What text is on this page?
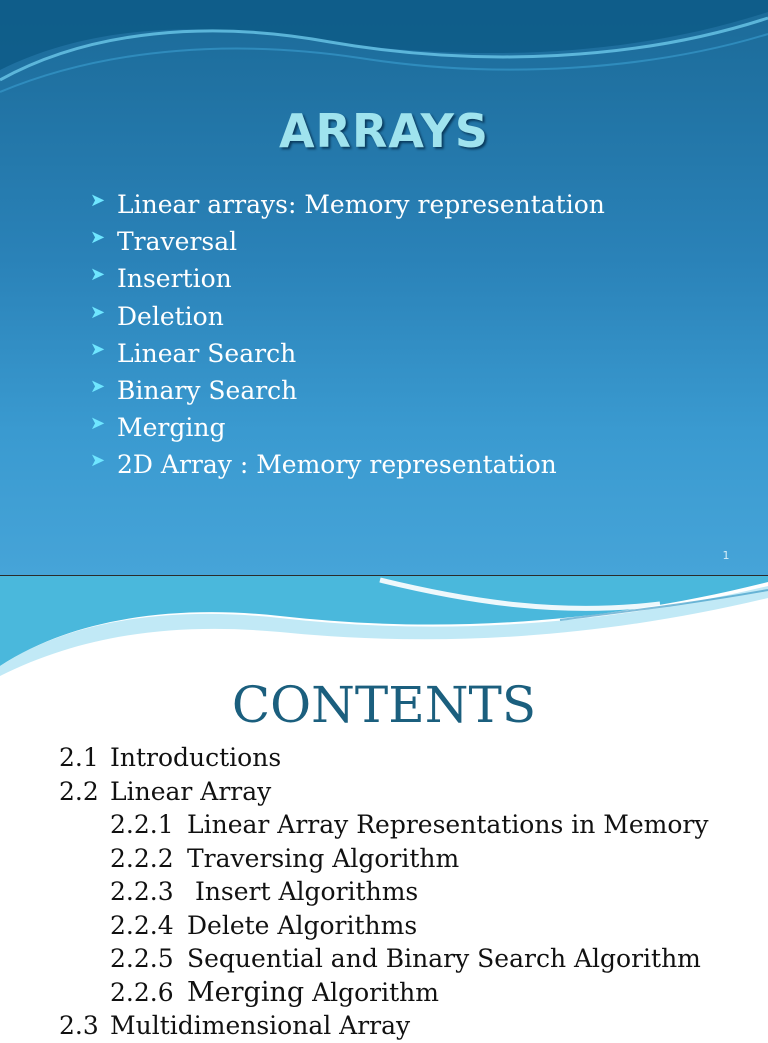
ARRAYS
➤ Linear arrays: Memory representation
➤ Traversal
➤ Insertion
➤ Deletion
➤ Linear Search
➤ Binary Search
➤ Merging
➤ 2D Array : Memory representation
1
CONTENTS
2.1 Introductions
2.2 Linear Array
2.2.1 Linear Array Representations in Memory
2.2.2 Traversing Algorithm
2.2.3 Insert Algorithms
2.2.4 Delete Algorithms
2.2.5 Sequential and Binary Search Algorithm
2.2.6 Merging Algorithm
2.3 Multidimensional Array
